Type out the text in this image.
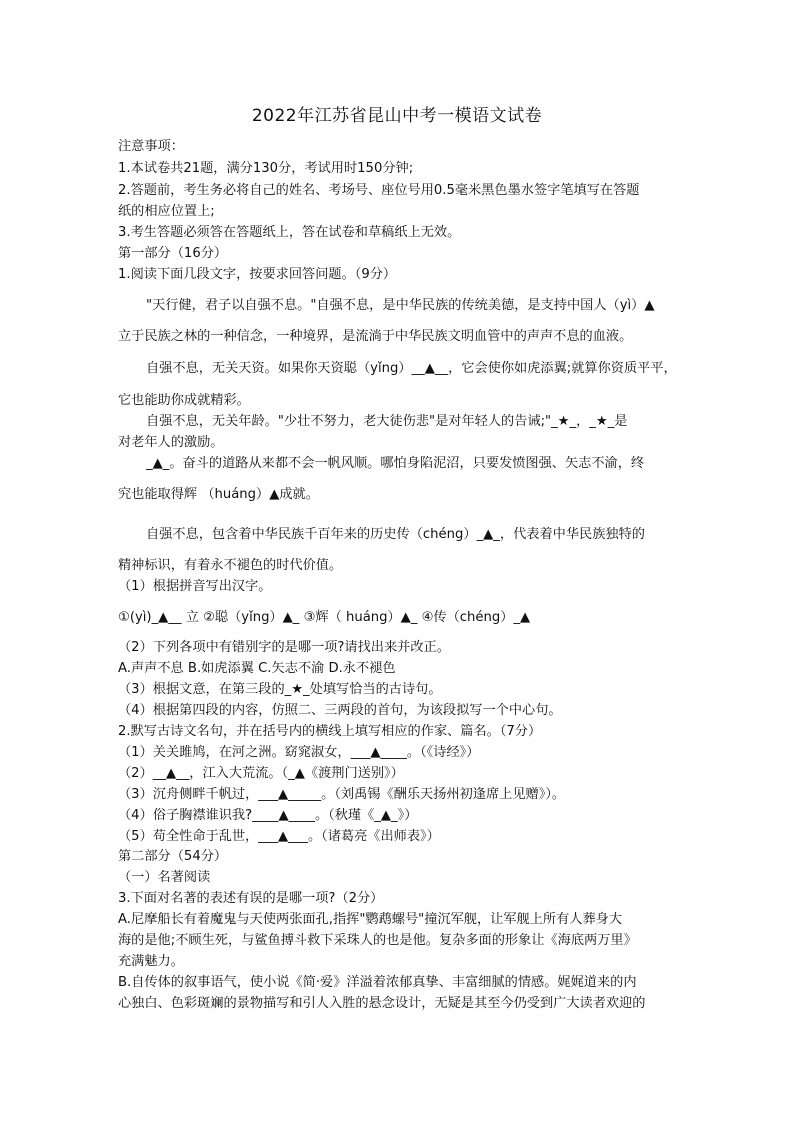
2022年江苏省昆山中考一模语文试卷
注意事项：
1.本试卷共21题，满分130分，考试用时150分钟;
2.答题前，考生务必将自己的姓名、考场号、座位号用0.5毫米黑色墨水签字笔填写在答题
纸的相应位置上;
3.考生答题必须答在答题纸上，答在试卷和草稿纸上无效。
第一部分（16分）
1.阅读下面几段文字，按要求回答问题。（9分）
"天行健，君子以自强不息。"自强不息，是中华民族的传统美德，是支持中国人（yì）▲
立于民族之林的一种信念，一种境界，是流淌于中华民族文明血管中的声声不息的血液。
自强不息，无关天资。如果你天资聪（yǐng）__▲__，它会使你如虎添翼;就算你资质平平，
它也能助你成就精彩。
自强不息，无关年龄。"少壮不努力，老大徒伤悲"是对年轻人的告诫;"_★_，_★_是
对老年人的激励。
_▲_。奋斗的道路从来都不会一帆风顺。哪怕身陷泥沼，只要发愤图强、矢志不渝，终
究也能取得辉 （huáng）▲成就。
自强不息，包含着中华民族千百年来的历史传（chéng）_▲_，代表着中华民族独特的
精神标识，有着永不褪色的时代价值。
（1）根据拼音写出汉字。
①(yì)_▲__ 立 ②聪（yǐng）▲_ ③辉（ huáng）▲_ ④传（chéng）_▲
（2）下列各项中有错别字的是哪一项?请找出来并改正。
A.声声不息 B.如虎添翼 C.矢志不渝 D.永不褪色
（3）根据文意，在第三段的_★_处填写恰当的古诗句。
（4）根据第四段的内容，仿照二、三两段的首句，为该段拟写一个中心句。
2.默写古诗文名句，并在括号内的横线上填写相应的作家、篇名。（7分）
（1）关关雎鸠，在河之洲。窈窕淑女，___▲____。（《诗经》）
（2）__▲__，江入大荒流。（_▲《渡荆门送别》）
（3）沉舟侧畔千帆过，___▲_____。（刘禹锡《酬乐天扬州初逢席上见赠》）。
（4）俗子胸襟谁识我?____▲____。（秋瑾《_▲_》）
（5）苟全性命于乱世，___▲___。（诸葛亮《出师表》）
第二部分（54分）
（一）名著阅读
3.下面对名著的表述有误的是哪一项?（2分）
A.尼摩船长有着魔鬼与天使两张面孔,指挥"鹦鹉螺号"撞沉军舰，让军舰上所有人葬身大
海的是他;不顾生死，与鲨鱼搏斗救下采珠人的也是他。复杂多面的形象让《海底两万里》
充满魅力。
B.自传体的叙事语气，使小说《简·爱》洋溢着浓郁真挚、丰富细腻的情感。娓娓道来的内
心独白、色彩斑斓的景物描写和引人入胜的悬念设计，无疑是其至今仍受到广大读者欢迎的
